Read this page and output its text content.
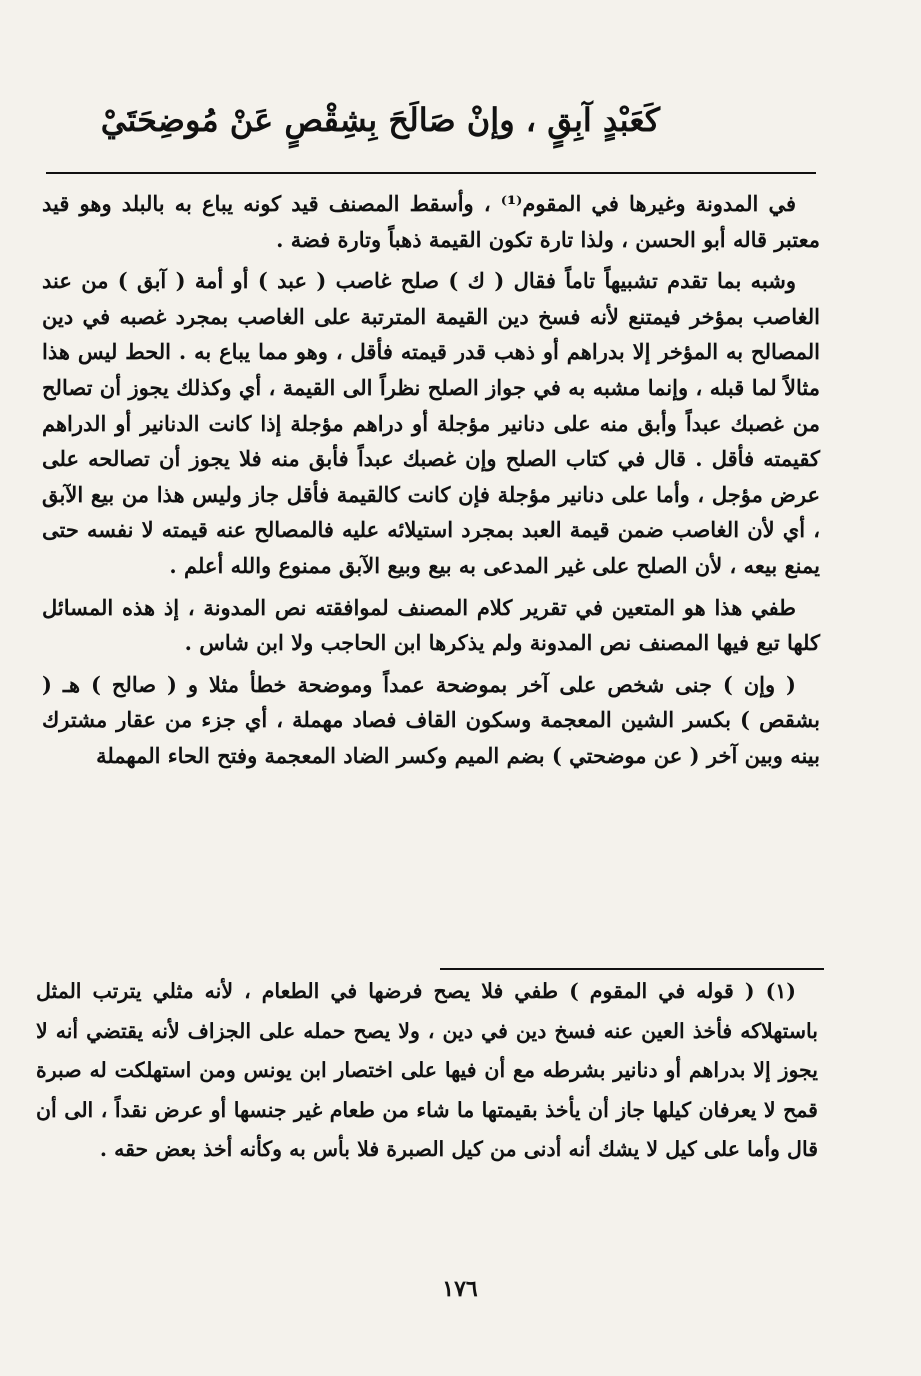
كَعَبْدٍ آبِقٍ ، وإنْ صَالَحَ بِشِقْصٍ عَنْ مُوضِحَتَيْ

في المدونة وغيرها في المقوم⁽¹⁾ ، وأسقط المصنف قيد كونه يباع به بالبلد وهو قيد معتبر قاله أبو الحسن ، ولذا تارة تكون القيمة ذهباً وتارة فضة .

وشبه بما تقدم تشبيهاً تاماً فقال ( ك ) صلح غاصب ( عبد ) أو أمة ( آبق ) من عند الغاصب بمؤخر فيمتنع لأنه فسخ دين القيمة المترتبة على الغاصب بمجرد غصبه في دين المصالح به المؤخر إلا بدراهم أو ذهب قدر قيمته فأقل ، وهو مما يباع به . الحط ليس هذا مثالاً لما قبله ، وإنما مشبه به في جواز الصلح نظراً الى القيمة ، أي وكذلك يجوز أن تصالح من غصبك عبداً وأبق منه على دنانير مؤجلة أو دراهم مؤجلة إذا كانت الدنانير أو الدراهم كقيمته فأقل . قال في كتاب الصلح وإن غصبك عبداً فأبق منه فلا يجوز أن تصالحه على عرض مؤجل ، وأما على دنانير مؤجلة فإن كانت كالقيمة فأقل جاز وليس هذا من بيع الآبق ، أي لأن الغاصب ضمن قيمة العبد بمجرد استيلائه عليه فالمصالح عنه قيمته لا نفسه حتى يمنع بيعه ، لأن الصلح على غير المدعى به بيع وبيع الآبق ممنوع والله أعلم .

طفي هذا هو المتعين في تقرير كلام المصنف لموافقته نص المدونة ، إذ هذه المسائل كلها تبع فيها المصنف نص المدونة ولم يذكرها ابن الحاجب ولا ابن شاس .

( وإن ) جنى شخص على آخر بموضحة عمداً وموضحة خطأ مثلا و ( صالح ) هـ ( بشقص ) بكسر الشين المعجمة وسكون القاف فصاد مهملة ، أي جزء من عقار مشترك بينه وبين آخر ( عن موضحتي ) بضم الميم وكسر الضاد المعجمة وفتح الحاء المهملة

(١) ( قوله في المقوم ) طفي فلا يصح فرضها في الطعام ، لأنه مثلي يترتب المثل باستهلاكه فأخذ العين عنه فسخ دين في دين ، ولا يصح حمله على الجزاف لأنه يقتضي أنه لا يجوز إلا بدراهم أو دنانير بشرطه مع أن فيها على اختصار ابن يونس ومن استهلكت له صبرة قمح لا يعرفان كيلها جاز أن يأخذ بقيمتها ما شاء من طعام غير جنسها أو عرض نقداً ، الى أن قال وأما على كيل لا يشك أنه أدنى من كيل الصبرة فلا بأس به وكأنه أخذ بعض حقه .

١٧٦
